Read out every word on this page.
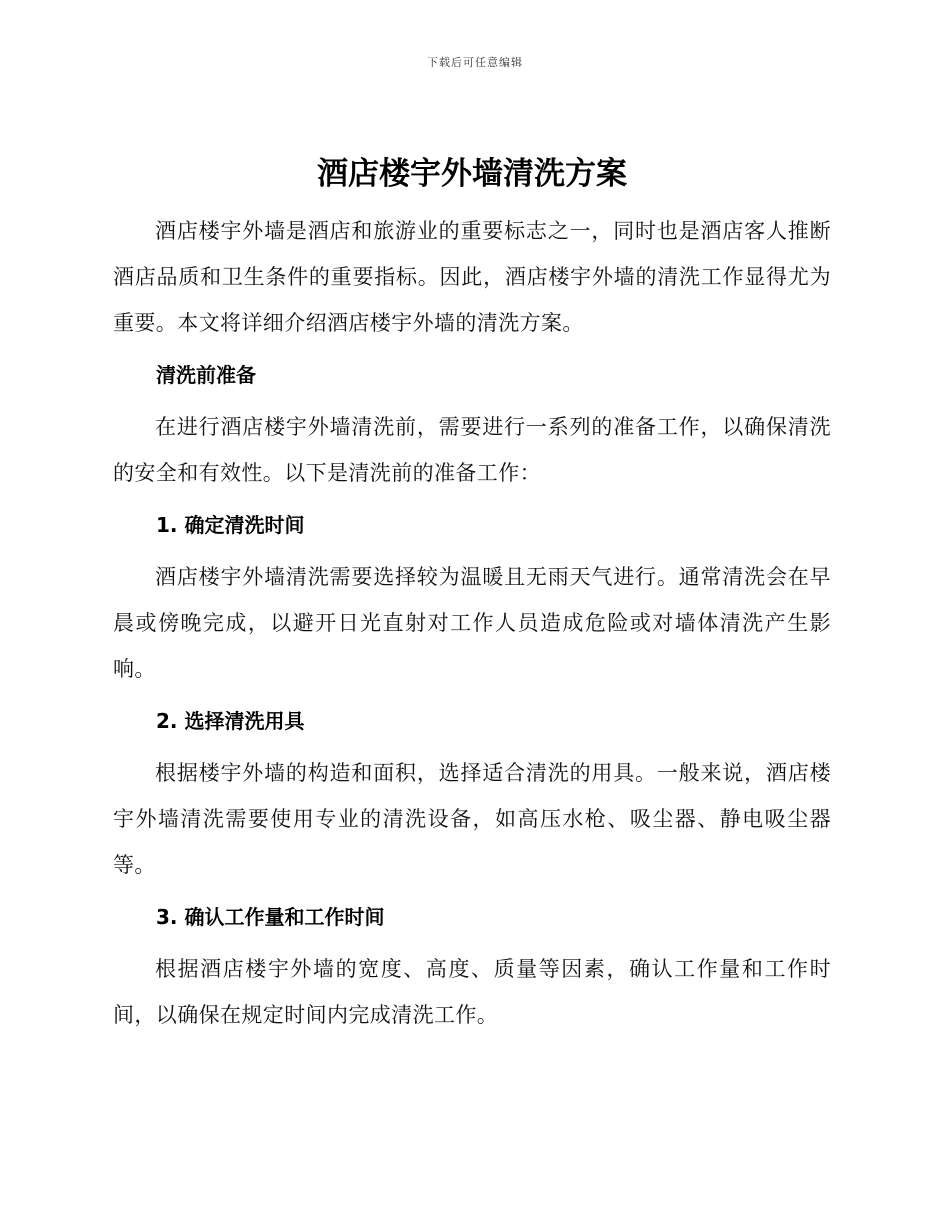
下载后可任意编辑
酒店楼宇外墙清洗方案

酒店楼宇外墙是酒店和旅游业的重要标志之一，同时也是酒店客人推断酒店品质和卫生条件的重要指标。因此，酒店楼宇外墙的清洗工作显得尤为重要。本文将详细介绍酒店楼宇外墙的清洗方案。

清洗前准备

在进行酒店楼宇外墙清洗前，需要进行一系列的准备工作，以确保清洗的安全和有效性。以下是清洗前的准备工作：

1. 确定清洗时间

酒店楼宇外墙清洗需要选择较为温暖且无雨天气进行。通常清洗会在早晨或傍晚完成，以避开日光直射对工作人员造成危险或对墙体清洗产生影响。

2. 选择清洗用具

根据楼宇外墙的构造和面积，选择适合清洗的用具。一般来说，酒店楼宇外墙清洗需要使用专业的清洗设备，如高压水枪、吸尘器、静电吸尘器等。

3. 确认工作量和工作时间

根据酒店楼宇外墙的宽度、高度、质量等因素，确认工作量和工作时间，以确保在规定时间内完成清洗工作。
